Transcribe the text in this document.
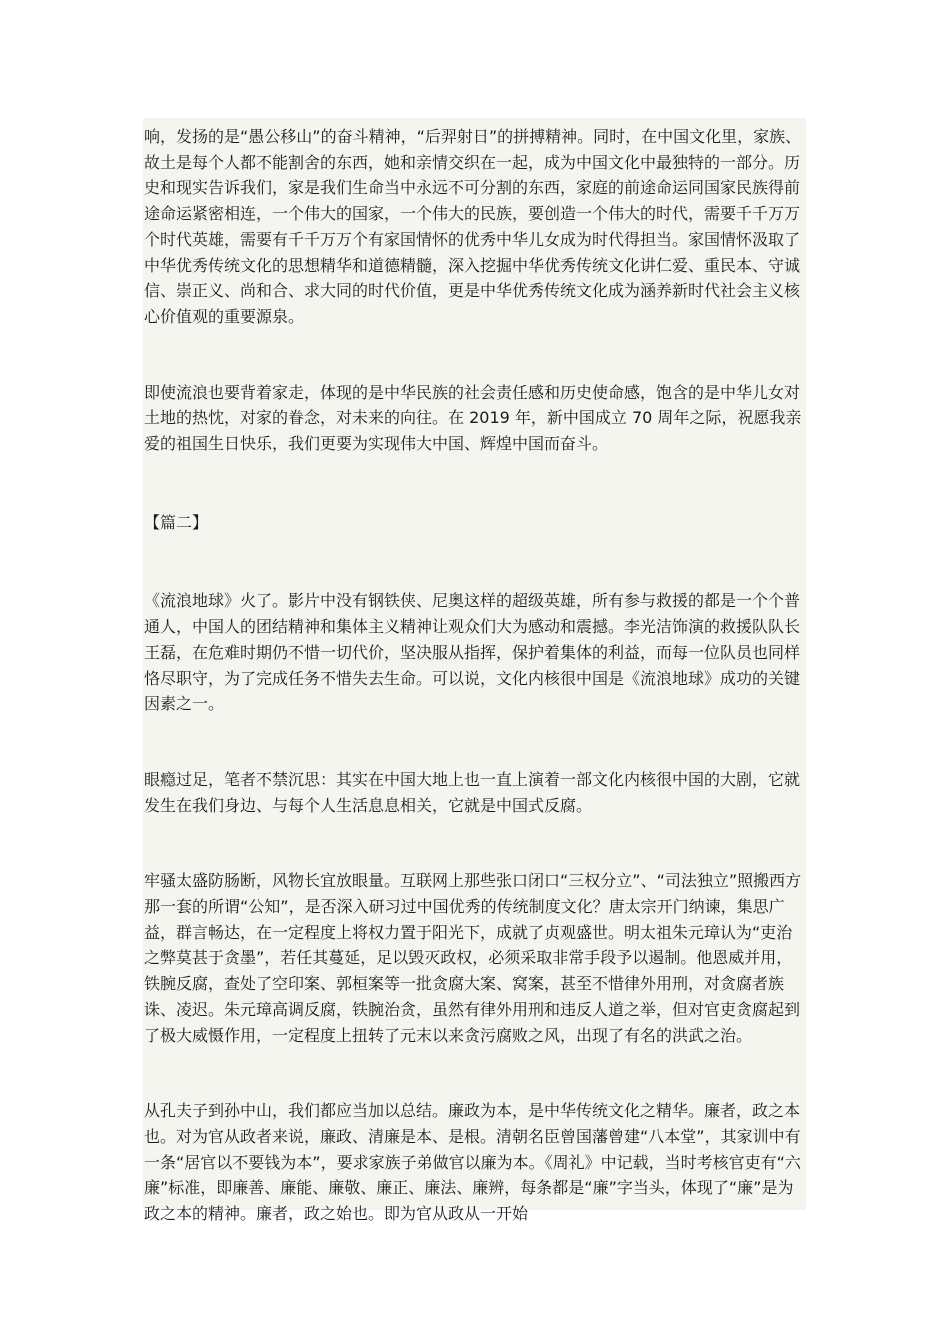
响，发扬的是“愚公移山”的奋斗精神，“后羿射日”的拼搏精神。同时，在中国文化里，家族、故土是每个人都不能割舍的东西，她和亲情交织在一起，成为中国文化中最独特的一部分。历史和现实告诉我们，家是我们生命当中永远不可分割的东西，家庭的前途命运同国家民族得前途命运紧密相连，一个伟大的国家，一个伟大的民族，要创造一个伟大的时代，需要千千万万个时代英雄，需要有千千万万个有家国情怀的优秀中华儿女成为时代得担当。家国情怀汲取了中华优秀传统文化的思想精华和道德精髓，深入挖掘中华优秀传统文化讲仁爱、重民本、守诚信、崇正义、尚和合、求大同的时代价值，更是中华优秀传统文化成为涵养新时代社会主义核心价值观的重要源泉。

即使流浪也要背着家走，体现的是中华民族的社会责任感和历史使命感，饱含的是中华儿女对土地的热忱，对家的眷念，对未来的向往。在 2019 年，新中国成立 70 周年之际，祝愿我亲爱的祖国生日快乐，我们更要为实现伟大中国、辉煌中国而奋斗。

【篇二】

《流浪地球》火了。影片中没有钢铁侠、尼奥这样的超级英雄，所有参与救援的都是一个个普通人，中国人的团结精神和集体主义精神让观众们大为感动和震撼。李光洁饰演的救援队队长王磊，在危难时期仍不惜一切代价，坚决服从指挥，保护着集体的利益，而每一位队员也同样恪尽职守，为了完成任务不惜失去生命。可以说，文化内核很中国是《流浪地球》成功的关键因素之一。

眼瘾过足，笔者不禁沉思：其实在中国大地上也一直上演着一部文化内核很中国的大剧，它就发生在我们身边、与每个人生活息息相关，它就是中国式反腐。

牢骚太盛防肠断，风物长宜放眼量。互联网上那些张口闭口“三权分立”、“司法独立”照搬西方那一套的所谓“公知”，是否深入研习过中国优秀的传统制度文化？唐太宗开门纳谏，集思广益，群言畅达，在一定程度上将权力置于阳光下，成就了贞观盛世。明太祖朱元璋认为“吏治之弊莫甚于贪墨”，若任其蔓延，足以毁灭政权，必须采取非常手段予以遏制。他恩威并用，铁腕反腐，查处了空印案、郭桓案等一批贪腐大案、窝案，甚至不惜律外用刑，对贪腐者族诛、凌迟。朱元璋高调反腐，铁腕治贪，虽然有律外用刑和违反人道之举，但对官吏贪腐起到了极大威慑作用，一定程度上扭转了元末以来贪污腐败之风，出现了有名的洪武之治。

从孔夫子到孙中山，我们都应当加以总结。廉政为本，是中华传统文化之精华。廉者，政之本也。对为官从政者来说，廉政、清廉是本、是根。清朝名臣曾国藩曾建“八本堂”，其家训中有一条“居官以不要钱为本”，要求家族子弟做官以廉为本。《周礼》中记载，当时考核官吏有“六廉”标准，即廉善、廉能、廉敬、廉正、廉法、廉辨，每条都是“廉”字当头，体现了“廉”是为政之本的精神。廉者，政之始也。即为官从政从一开始
